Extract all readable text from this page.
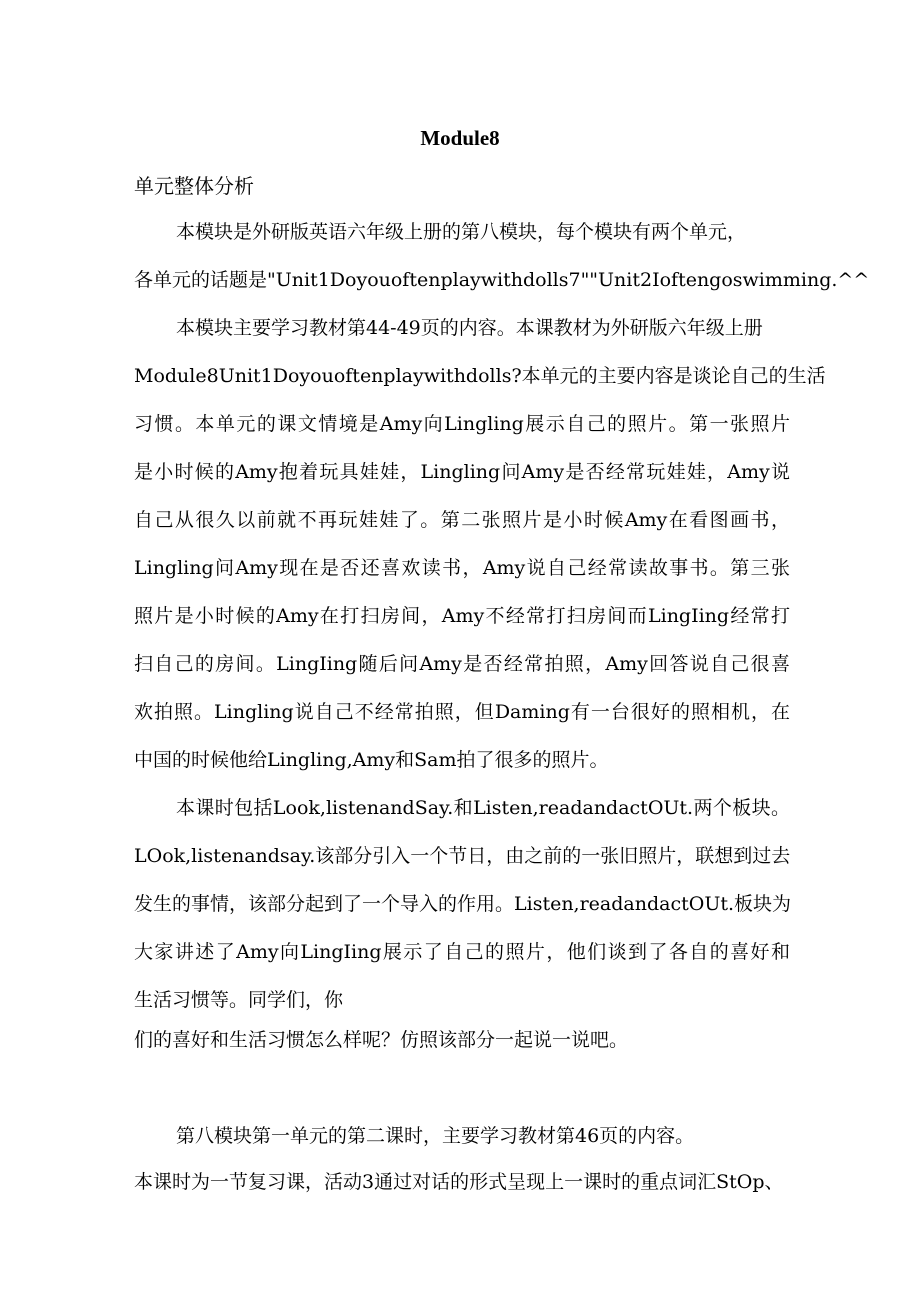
Module8

单元整体分析

本模块是外研版英语六年级上册的第八模块，每个模块有两个单元，

各单元的话题是"Unit1Doyouoftenplaywithdolls7""Unit2Ioftengoswimming.^^

本模块主要学习教材第44-49页的内容。本课教材为外研版六年级上册

Module8Unit1Doyouoftenplaywithdolls?本单元的主要内容是谈论自己的生活

习惯。本单元的课文情境是Amy向Lingling展示自己的照片。第一张照片

是小时候的Amy抱着玩具娃娃，Lingling问Amy是否经常玩娃娃，Amy说

自己从很久以前就不再玩娃娃了。第二张照片是小时候Amy在看图画书，

Lingling问Amy现在是否还喜欢读书，Amy说自己经常读故事书。第三张

照片是小时候的Amy在打扫房间，Amy不经常打扫房间而LingIing经常打

扫自己的房间。LingIing随后问Amy是否经常拍照，Amy回答说自己很喜

欢拍照。Lingling说自己不经常拍照，但Daming有一台很好的照相机，在

中国的时候他给Lingling,Amy和Sam拍了很多的照片。

本课时包括Look,listenandSay.和Listen,readandactOUt.两个板块。

LOok,listenandsay.该部分引入一个节日，由之前的一张旧照片，联想到过去

发生的事情，该部分起到了一个导入的作用。Listen,readandactOUt.板块为

大家讲述了Amy向LingIing展示了自己的照片，他们谈到了各自的喜好和

生活习惯等。同学们，你

们的喜好和生活习惯怎么样呢？仿照该部分一起说一说吧。

第八模块第一单元的第二课时，主要学习教材第46页的内容。

本课时为一节复习课，活动3通过对话的形式呈现上一课时的重点词汇StOp、
